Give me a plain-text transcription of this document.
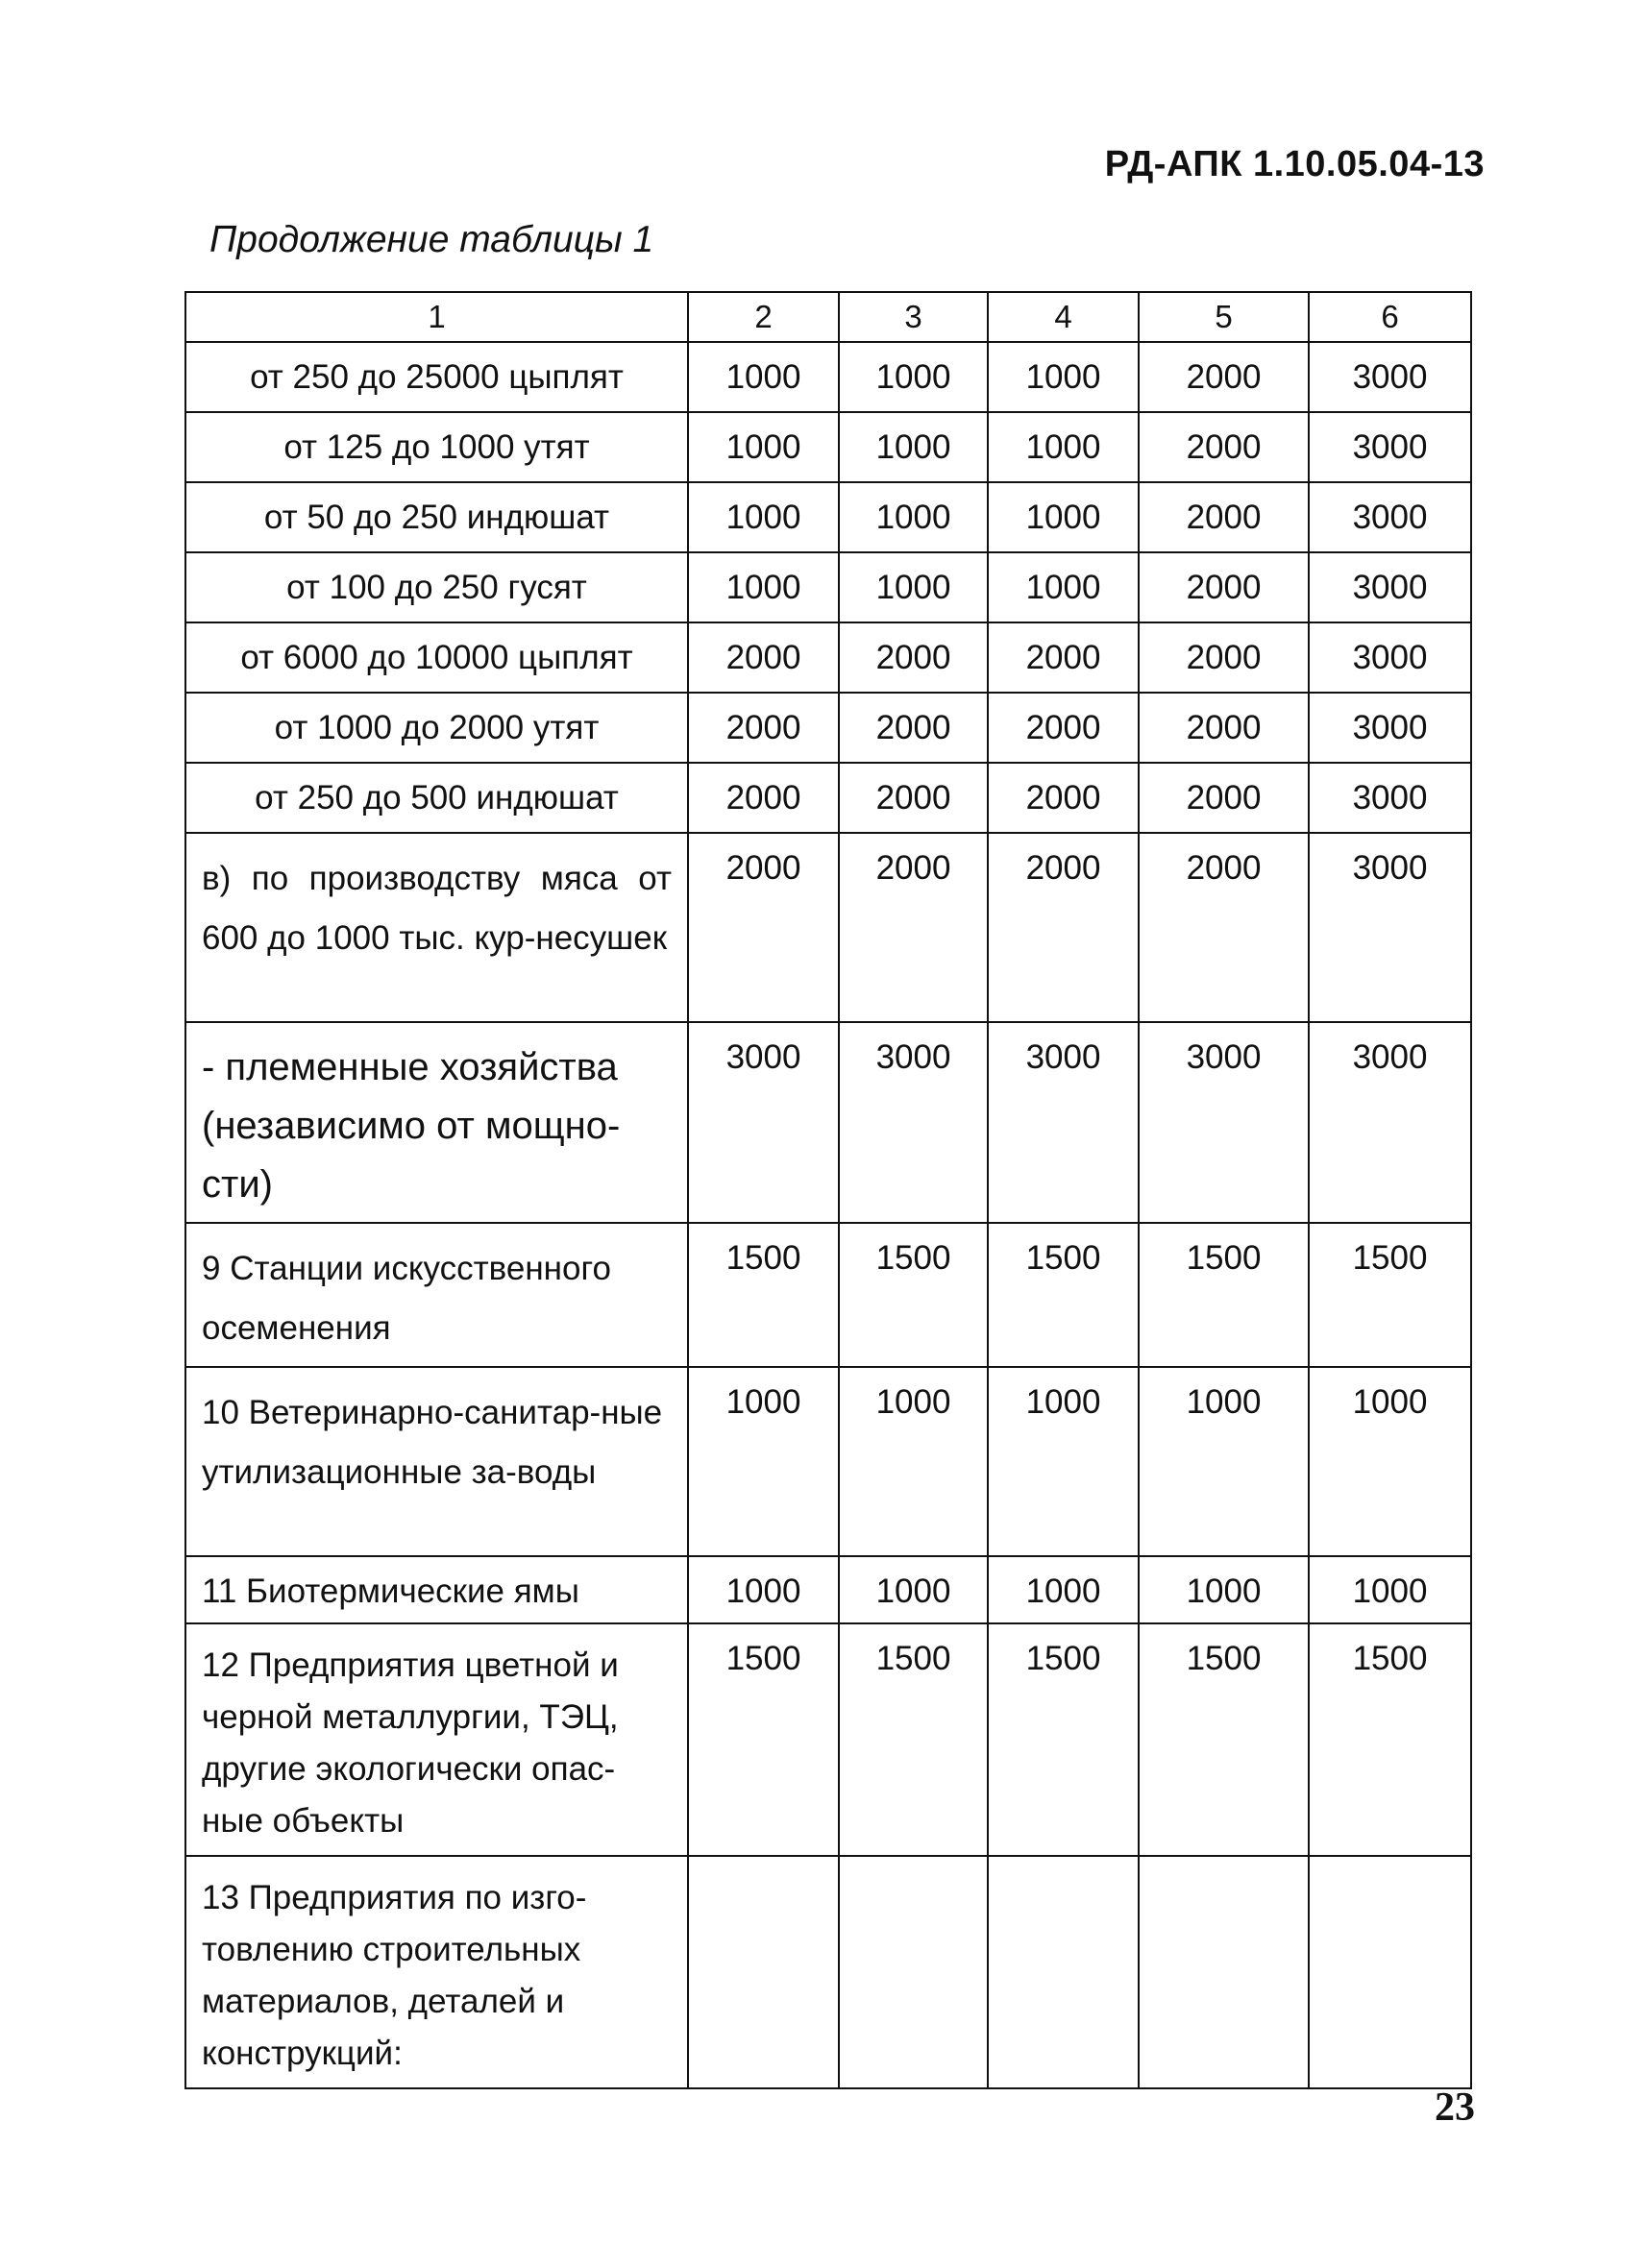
РД-АПК 1.10.05.04-13
Продолжение таблицы 1
1	2	3	4	5	6
от 250 до 25000 цыплят	1000	1000	1000	2000	3000
от 125 до 1000 утят	1000	1000	1000	2000	3000
от 50 до 250 индюшат	1000	1000	1000	2000	3000
от 100 до 250 гусят	1000	1000	1000	2000	3000
от 6000 до 10000 цыплят	2000	2000	2000	2000	3000
от 1000 до 2000 утят	2000	2000	2000	2000	3000
от 250 до 500 индюшат	2000	2000	2000	2000	3000
в) по производству мяса от 600 до 1000 тыс. кур-несушек	2000	2000	2000	2000	3000
- племенные хозяйства (независимо от мощно-сти)	3000	3000	3000	3000	3000
9 Станции искусственного осеменения	1500	1500	1500	1500	1500
10 Ветеринарно-санитар-ные утилизационные за-воды	1000	1000	1000	1000	1000
11 Биотермические ямы	1000	1000	1000	1000	1000
12 Предприятия цветной и черной металлургии, ТЭЦ, другие экологически опас-ные объекты	1500	1500	1500	1500	1500
13 Предприятия по изго-товлению строительных материалов, деталей и конструкций:					
23
